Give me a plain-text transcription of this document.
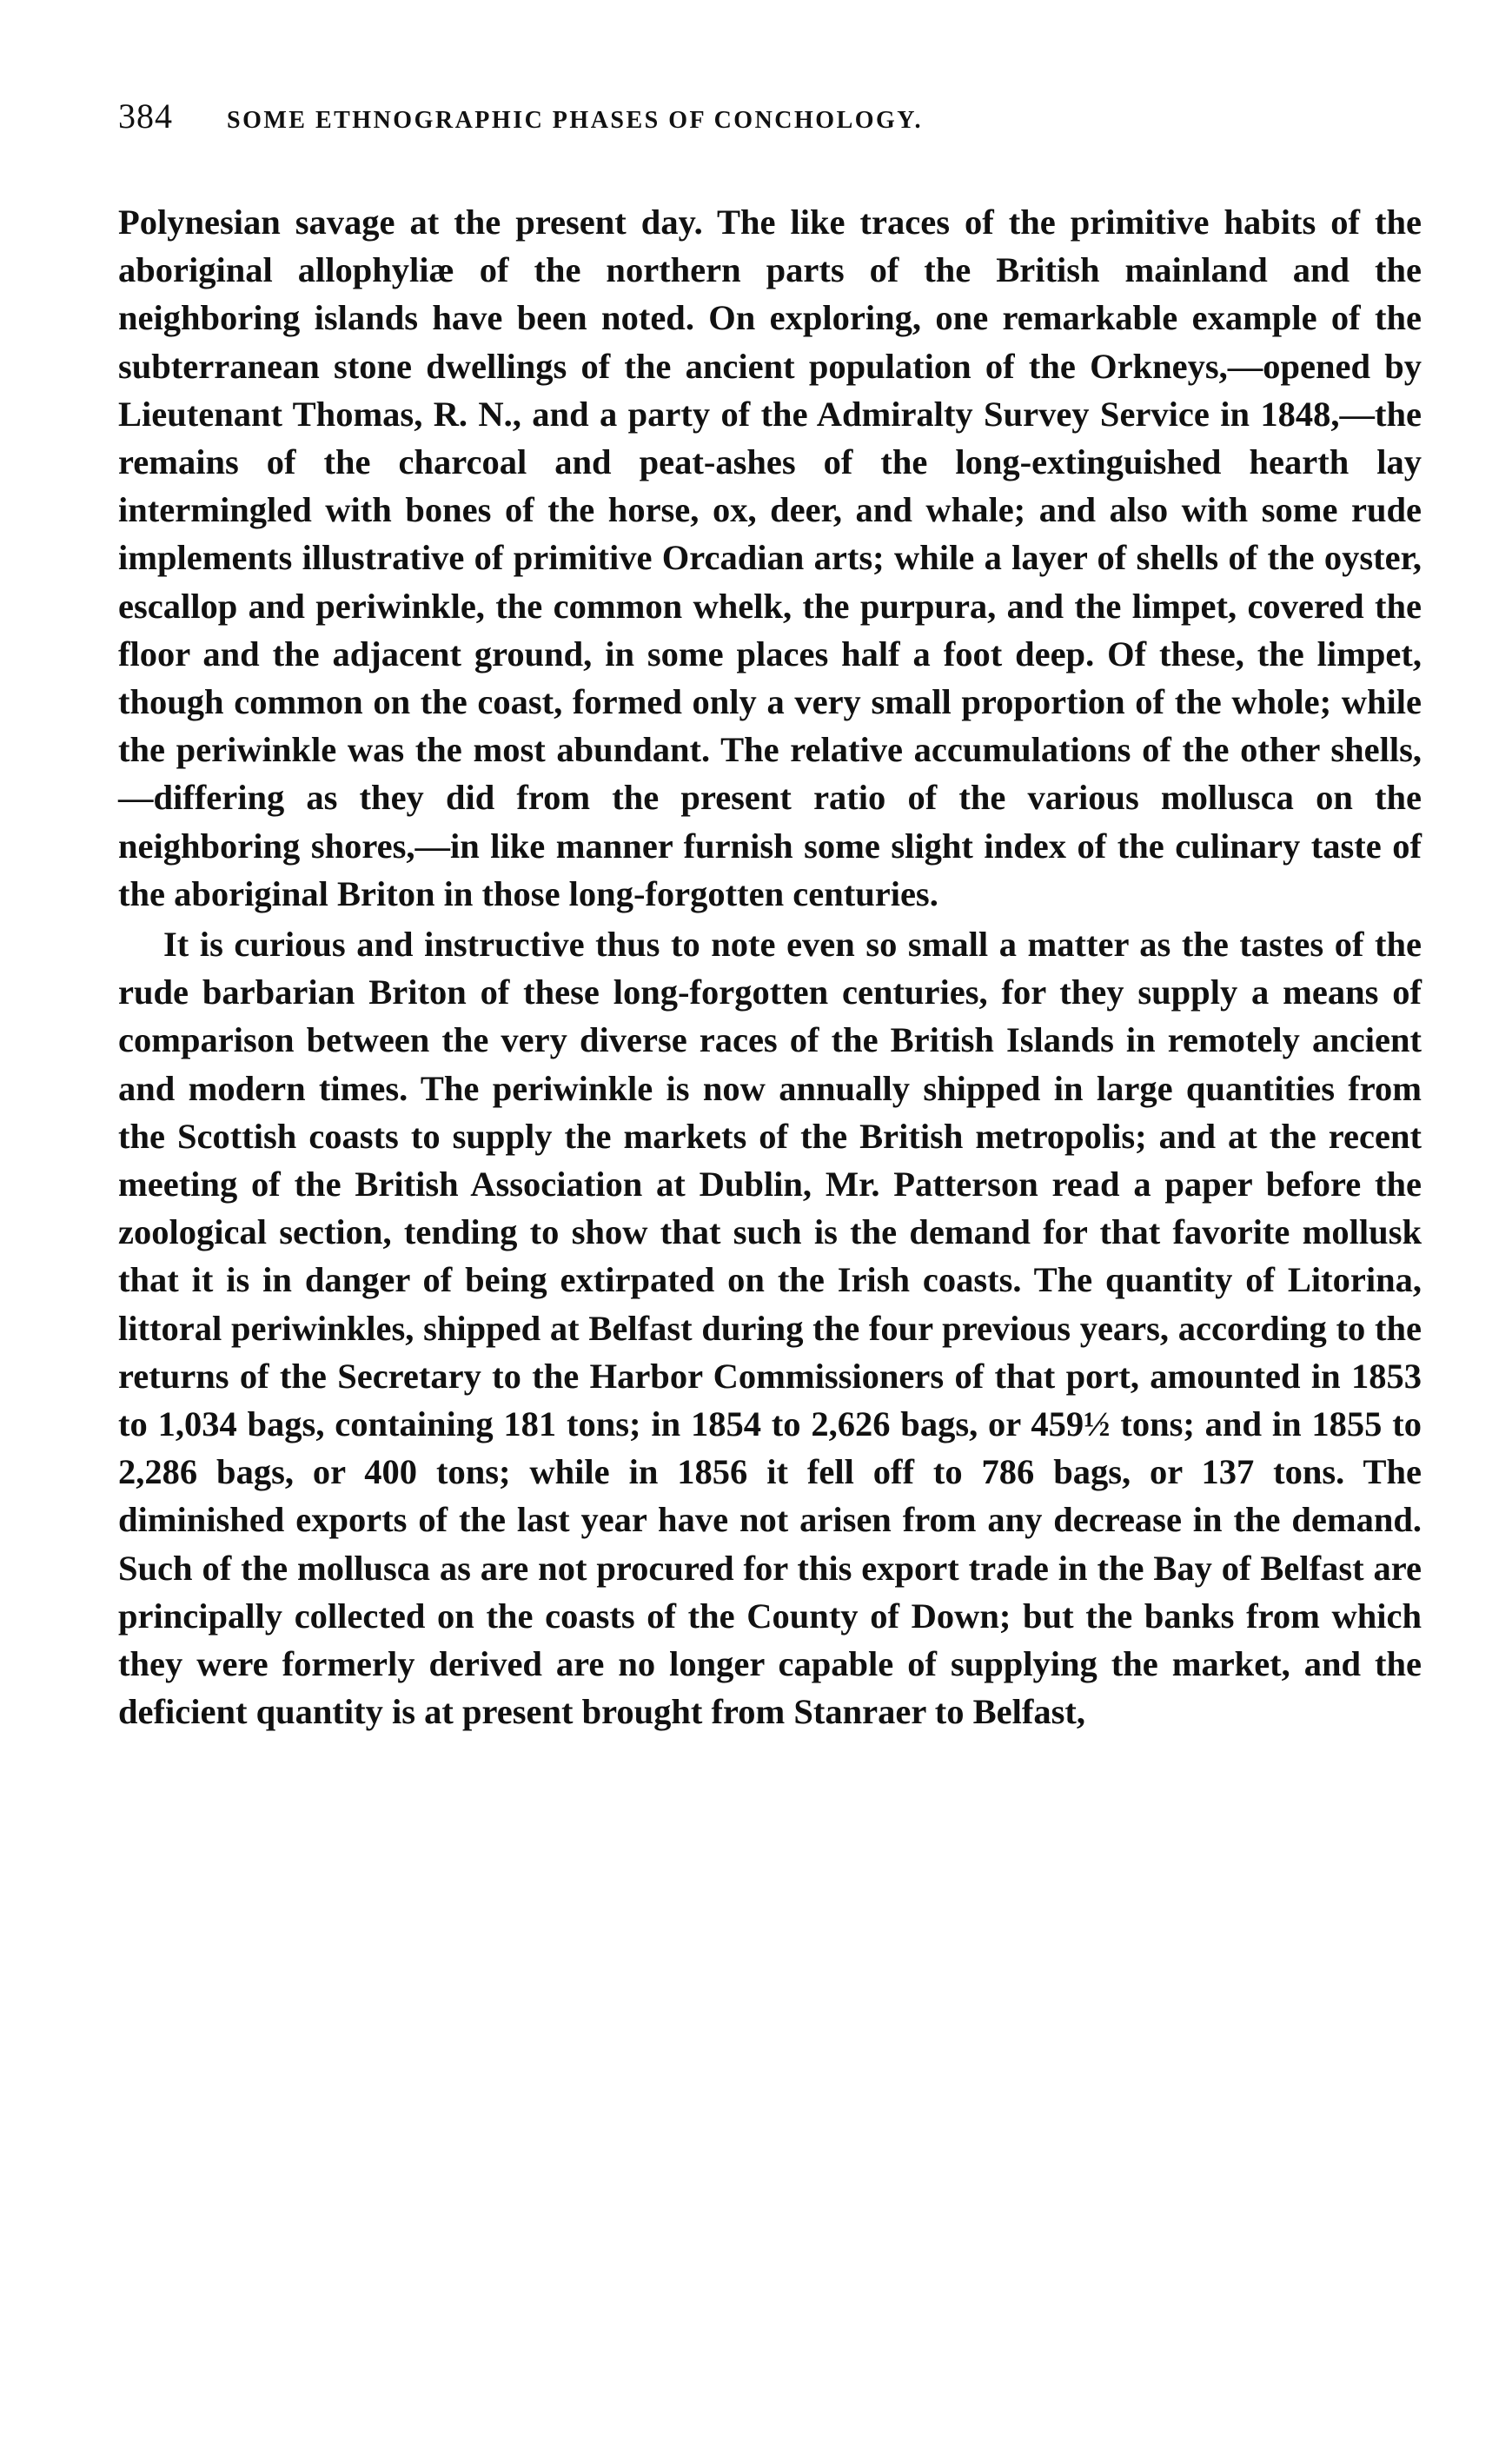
384 SOME ETHNOGRAPHIC PHASES OF CONCHOLOGY.

Polynesian savage at the present day. The like traces of the primitive habits of the aboriginal allophyliæ of the northern parts of the British mainland and the neighboring islands have been noted. On exploring, one remarkable example of the subterranean stone dwellings of the ancient population of the Orkneys,—opened by Lieutenant Thomas, R. N., and a party of the Admiralty Survey Service in 1848,—the remains of the charcoal and peat-ashes of the long-extinguished hearth lay intermingled with bones of the horse, ox, deer, and whale; and also with some rude implements illustrative of primitive Orcadian arts; while a layer of shells of the oyster, escallop and periwinkle, the common whelk, the purpura, and the limpet, covered the floor and the adjacent ground, in some places half a foot deep. Of these, the limpet, though common on the coast, formed only a very small proportion of the whole; while the periwinkle was the most abundant. The relative accumulations of the other shells,—differing as they did from the present ratio of the various mollusca on the neighboring shores,—in like manner furnish some slight index of the culinary taste of the aboriginal Briton in those long-forgotten centuries.

It is curious and instructive thus to note even so small a matter as the tastes of the rude barbarian Briton of these long-forgotten centuries, for they supply a means of comparison between the very diverse races of the British Islands in remotely ancient and modern times. The periwinkle is now annually shipped in large quantities from the Scottish coasts to supply the markets of the British metropolis; and at the recent meeting of the British Association at Dublin, Mr. Patterson read a paper before the zoological section, tending to show that such is the demand for that favorite mollusk that it is in danger of being extirpated on the Irish coasts. The quantity of Litorina, littoral periwinkles, shipped at Belfast during the four previous years, according to the returns of the Secretary to the Harbor Commissioners of that port, amounted in 1853 to 1,034 bags, containing 181 tons; in 1854 to 2,626 bags, or 459½ tons; and in 1855 to 2,286 bags, or 400 tons; while in 1856 it fell off to 786 bags, or 137 tons. The diminished exports of the last year have not arisen from any decrease in the demand. Such of the mollusca as are not procured for this export trade in the Bay of Belfast are principally collected on the coasts of the County of Down; but the banks from which they were formerly derived are no longer capable of supplying the market, and the deficient quantity is at present brought from Stanraer to Belfast,
